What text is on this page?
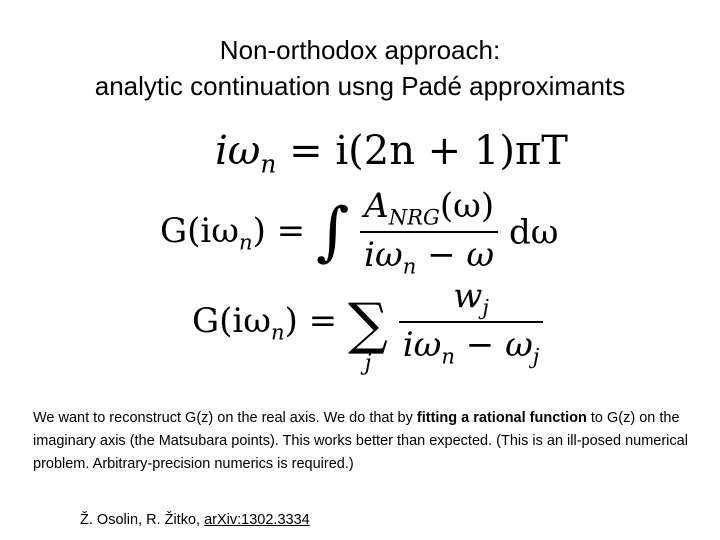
Non-orthodox approach:
analytic continuation usng Padé approximants
$i\omega_n = i(2n + 1)\pi T$
$G(i\omega_n)$ = ∫ $\frac{A_{NRG}(\omega)}{i\omega_n - \omega}$ dω
$G(i\omega_n)$ = ∑
j
$\frac{w_j}{i\omega_n - \omega_j}$
We want to reconstruct G(z) on the real axis. We do that by fitting a rational function to G(z) on the imaginary axis (the Matsubara points). This works better than expected. (This is an ill-posed numerical problem. Arbitrary-precision numerics is required.)
Ž. Osolin, R. Žitko, arXiv:1302.3334
